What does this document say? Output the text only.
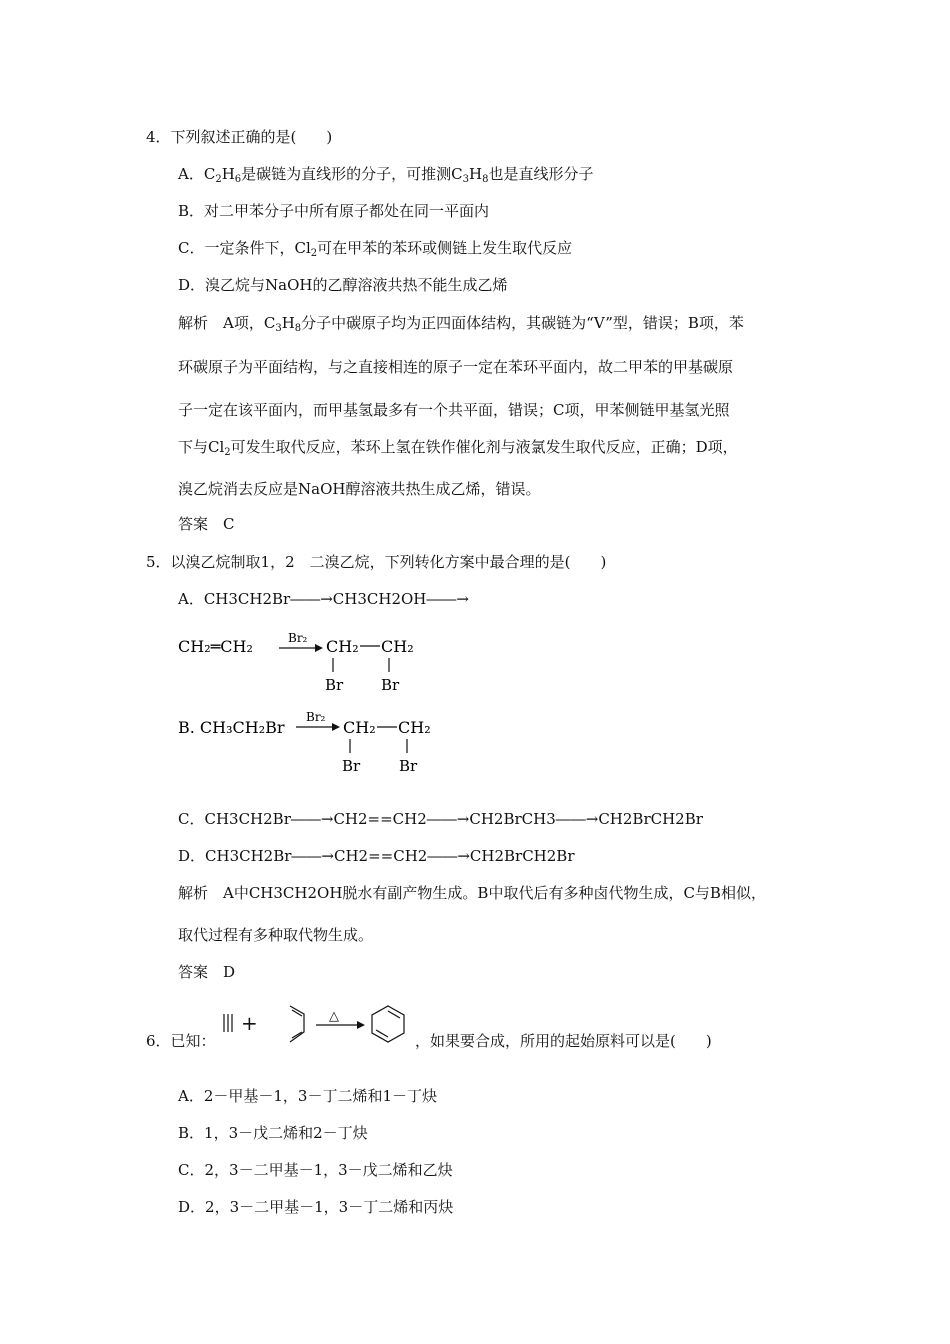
4．下列叙述正确的是(　　)
A．$C_2H_6$是碳链为直线形的分子，可推测$C_3H_8$也是直线形分子
B．对二甲苯分子中所有原子都处在同一平面内
C．一定条件下，$Cl_2$可在甲苯的苯环或侧链上发生取代反应
D．溴乙烷与NaOH的乙醇溶液共热不能生成乙烯
解析　A项，$C_3H_8$分子中碳原子均为正四面体结构，其碳链为“V”型，错误；B项，苯
环碳原子为平面结构，与之直接相连的原子一定在苯环平面内，故二甲苯的甲基碳原
子一定在该平面内，而甲基氢最多有一个共平面，错误；C项，甲苯侧链甲基氢光照
下与$Cl_2$可发生取代反应，苯环上氢在铁作催化剂与液氯发生取代反应，正确；D项，
溴乙烷消去反应是NaOH醇溶液共热生成乙烯，错误。
答案　C
5．以溴乙烷制取1，2　二溴乙烷，下列转化方案中最合理的是(　　)
A．CH3CH2Br――→CH3CH2OH――→
CH₂═CH₂	Br₂ CH₂ CH₂
Br	Br
B. CH₃CH₂Br
Br₂
CH₂ CH₂
Br	Br
C．CH3CH2Br――→CH2==CH2――→CH2BrCH3――→CH2BrCH2Br
D．CH3CH2Br――→CH2==CH2――→CH2BrCH2Br
解析　A中CH3CH2OH脱水有副产物生成。B中取代后有多种卤代物生成，C与B相似，
取代过程有多种取代物生成。
答案　D
6．已知：
+	△
，如果要合成，所用的起始原料可以是(　　)
A．2－甲基－1，3－丁二烯和1－丁炔
B．1，3－戊二烯和2－丁炔
C．2，3－二甲基－1，3－戊二烯和乙炔
D．2，3－二甲基－1，3－丁二烯和丙炔
